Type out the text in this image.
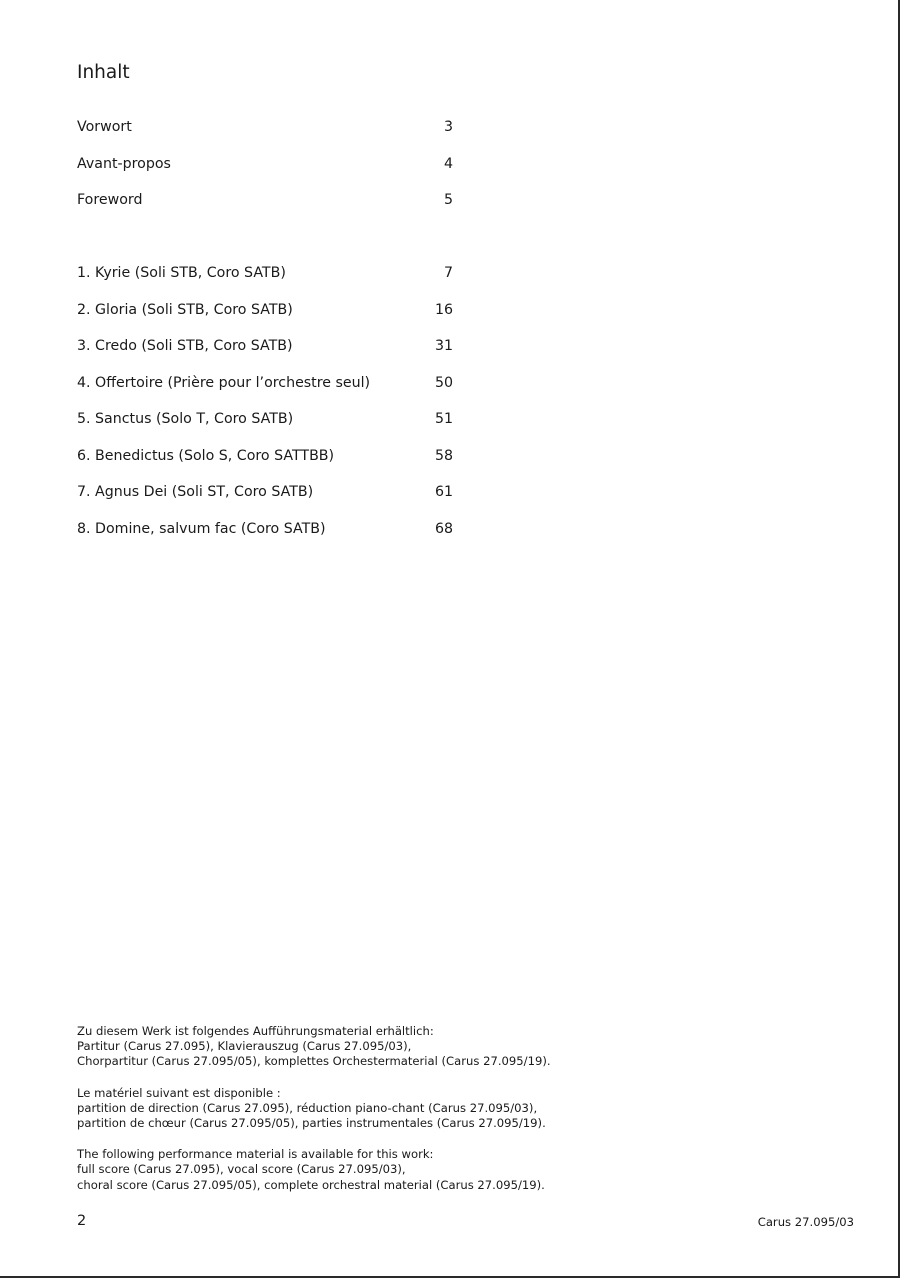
Inhalt
Vorwort	3
Avant-propos	4
Foreword	5
1. Kyrie (Soli STB, Coro SATB)	7
2. Gloria (Soli STB, Coro SATB)	16
3. Credo (Soli STB, Coro SATB)	31
4. Offertoire (Prière pour l’orchestre seul)	50
5. Sanctus (Solo T, Coro SATB)	51
6. Benedictus (Solo S, Coro SATTBB)	58
7. Agnus Dei (Soli ST, Coro SATB)	61
8. Domine, salvum fac (Coro SATB)	68
Zu diesem Werk ist folgendes Aufführungsmaterial erhältlich:
Partitur (Carus 27.095), Klavierauszug (Carus 27.095/03),
Chorpartitur (Carus 27.095/05), komplettes Orchestermaterial (Carus 27.095/19).
Le matériel suivant est disponible :
partition de direction (Carus 27.095), réduction piano-chant (Carus 27.095/03),
partition de chœur (Carus 27.095/05), parties instrumentales (Carus 27.095/19).
The following performance material is available for this work:
full score (Carus 27.095), vocal score (Carus 27.095/03),
choral score (Carus 27.095/05), complete orchestral material (Carus 27.095/19).
2	Carus 27.095/03
